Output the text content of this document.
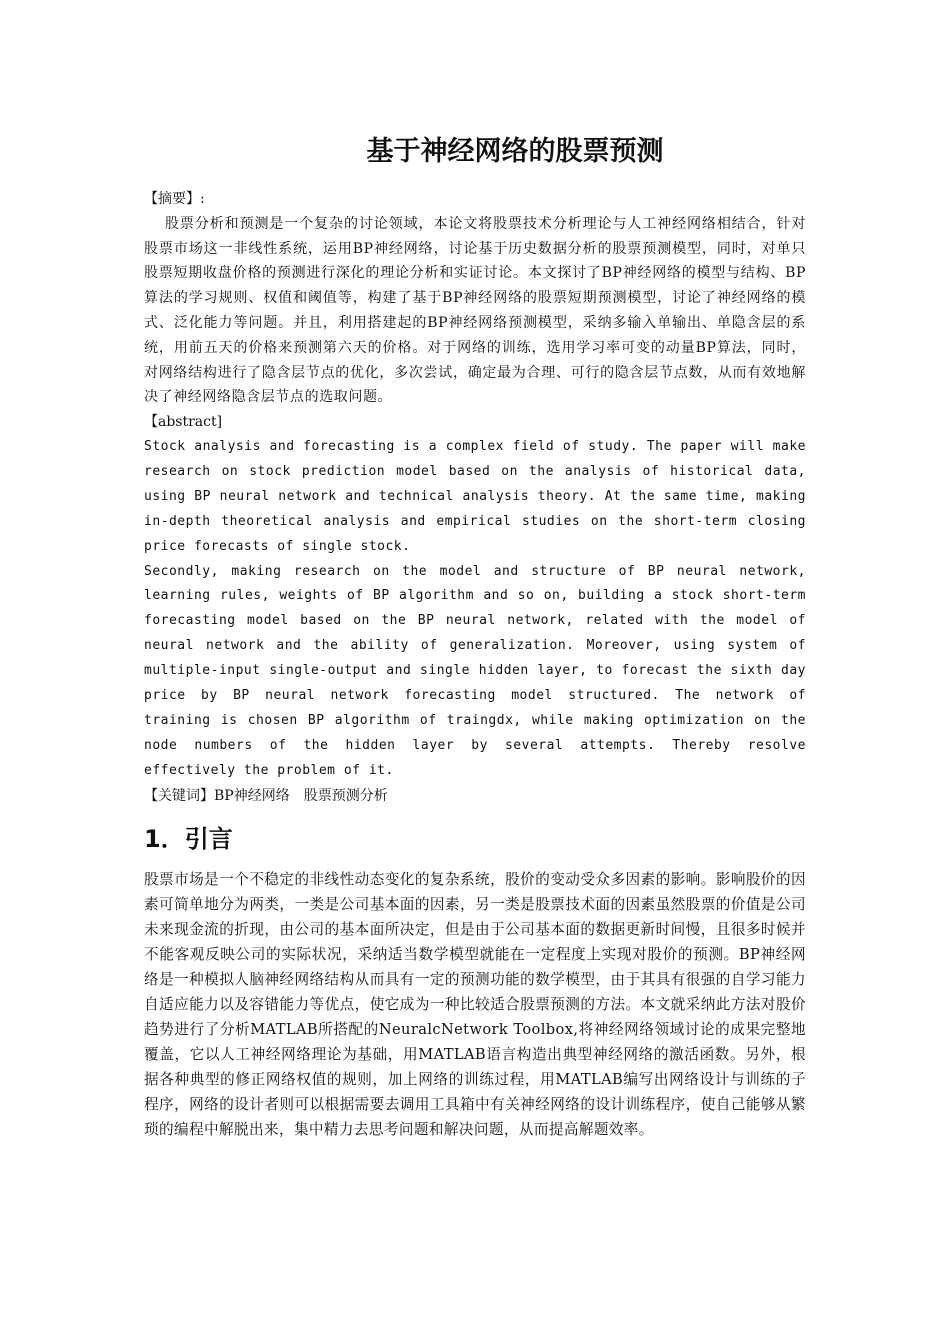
基于神经网络的股票预测

【摘要】:

股票分析和预测是一个复杂的讨论领域，本论文将股票技术分析理论与人工神经网络相结合，针对股票市场这一非线性系统，运用BP神经网络，讨论基于历史数据分析的股票预测模型，同时，对单只股票短期收盘价格的预测进行深化的理论分析和实证讨论。本文探讨了BP神经网络的模型与结构、BP算法的学习规则、权值和阈值等，构建了基于BP神经网络的股票短期预测模型，讨论了神经网络的模式、泛化能力等问题。并且，利用搭建起的BP神经网络预测模型，采纳多输入单输出、单隐含层的系统，用前五天的价格来预测第六天的价格。对于网络的训练，选用学习率可变的动量BP算法，同时，对网络结构进行了隐含层节点的优化，多次尝试，确定最为合理、可行的隐含层节点数，从而有效地解决了神经网络隐含层节点的选取问题。

【abstract]

Stock analysis and forecasting is a complex field of study. The paper will make research on stock prediction model based on the analysis of historical data, using BP neural network and technical analysis theory. At the same time, making in-depth theoretical analysis and empirical studies on the short-term closing price forecasts of single stock.

Secondly, making research on the model and structure of BP neural network, learning rules, weights of BP algorithm and so on, building a stock short-term forecasting model based on the BP neural network, related with the model of neural network and the ability of generalization. Moreover, using system of multiple-input single-output and single hidden layer, to forecast the sixth day price by BP neural network forecasting model structured. The network of training is chosen BP algorithm of traingdx, while making optimization on the node numbers of the hidden layer by several attempts. Thereby resolve effectively the problem of it.

【关键词】BP神经网络　股票预测分析

1．引言

股票市场是一个不稳定的非线性动态变化的复杂系统，股价的变动受众多因素的影响。影响股价的因素可简单地分为两类，一类是公司基本面的因素，另一类是股票技术面的因素虽然股票的价值是公司未来现金流的折现，由公司的基本面所决定，但是由于公司基本面的数据更新时间慢，且很多时候并不能客观反映公司的实际状况，采纳适当数学模型就能在一定程度上实现对股价的预测。BP神经网络是一种模拟人脑神经网络结构从而具有一定的预测功能的数学模型，由于其具有很强的自学习能力自适应能力以及容错能力等优点，使它成为一种比较适合股票预测的方法。本文就采纳此方法对股价趋势进行了分析MATLAB所搭配的NeuralcNetwork Toolbox,将神经网络领域讨论的成果完整地覆盖，它以人工神经网络理论为基础，用MATLAB语言构造出典型神经网络的激活函数。另外，根据各种典型的修正网络权值的规则，加上网络的训练过程，用MATLAB编写出网络设计与训练的子程序，网络的设计者则可以根据需要去调用工具箱中有关神经网络的设计训练程序，使自己能够从繁琐的编程中解脱出来，集中精力去思考问题和解决问题，从而提高解题效率。
